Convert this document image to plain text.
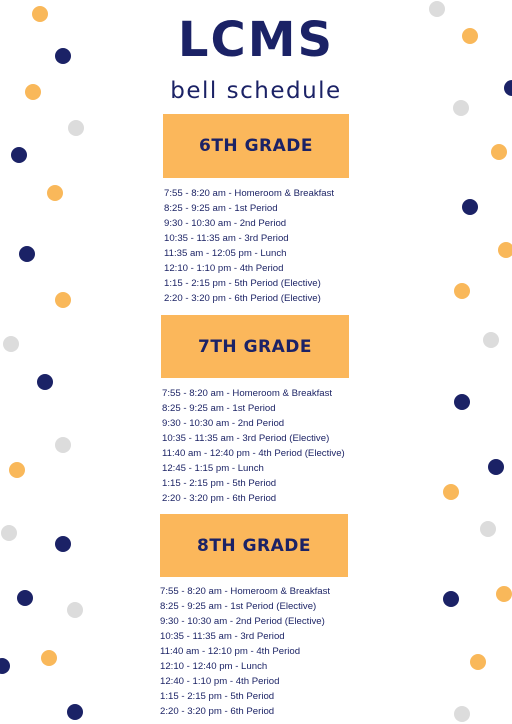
LCMS
bell schedule
6TH GRADE
7:55 - 8:20 am - Homeroom & Breakfast
8:25 - 9:25 am - 1st Period
9:30 - 10:30 am - 2nd Period
10:35 - 11:35 am - 3rd Period
11:35 am - 12:05 pm - Lunch
12:10 - 1:10 pm - 4th Period
1:15 - 2:15 pm - 5th Period (Elective)
2:20 - 3:20 pm - 6th Period (Elective)
7TH GRADE
7:55 - 8:20 am - Homeroom & Breakfast
8:25 - 9:25 am - 1st Period
9:30 - 10:30 am - 2nd Period
10:35 - 11:35 am - 3rd Period (Elective)
11:40 am - 12:40 pm - 4th Period (Elective)
12:45 - 1:15 pm - Lunch
1:15 - 2:15 pm - 5th Period
2:20 - 3:20 pm - 6th Period
8TH GRADE
7:55 - 8:20 am - Homeroom & Breakfast
8:25 - 9:25 am - 1st Period (Elective)
9:30 - 10:30 am - 2nd Period (Elective)
10:35 - 11:35 am - 3rd Period
11:40 am - 12:10 pm - 4th Period
12:10 - 12:40 pm - Lunch
12:40 - 1:10 pm - 4th Period
1:15 - 2:15 pm - 5th Period
2:20 - 3:20 pm - 6th Period
